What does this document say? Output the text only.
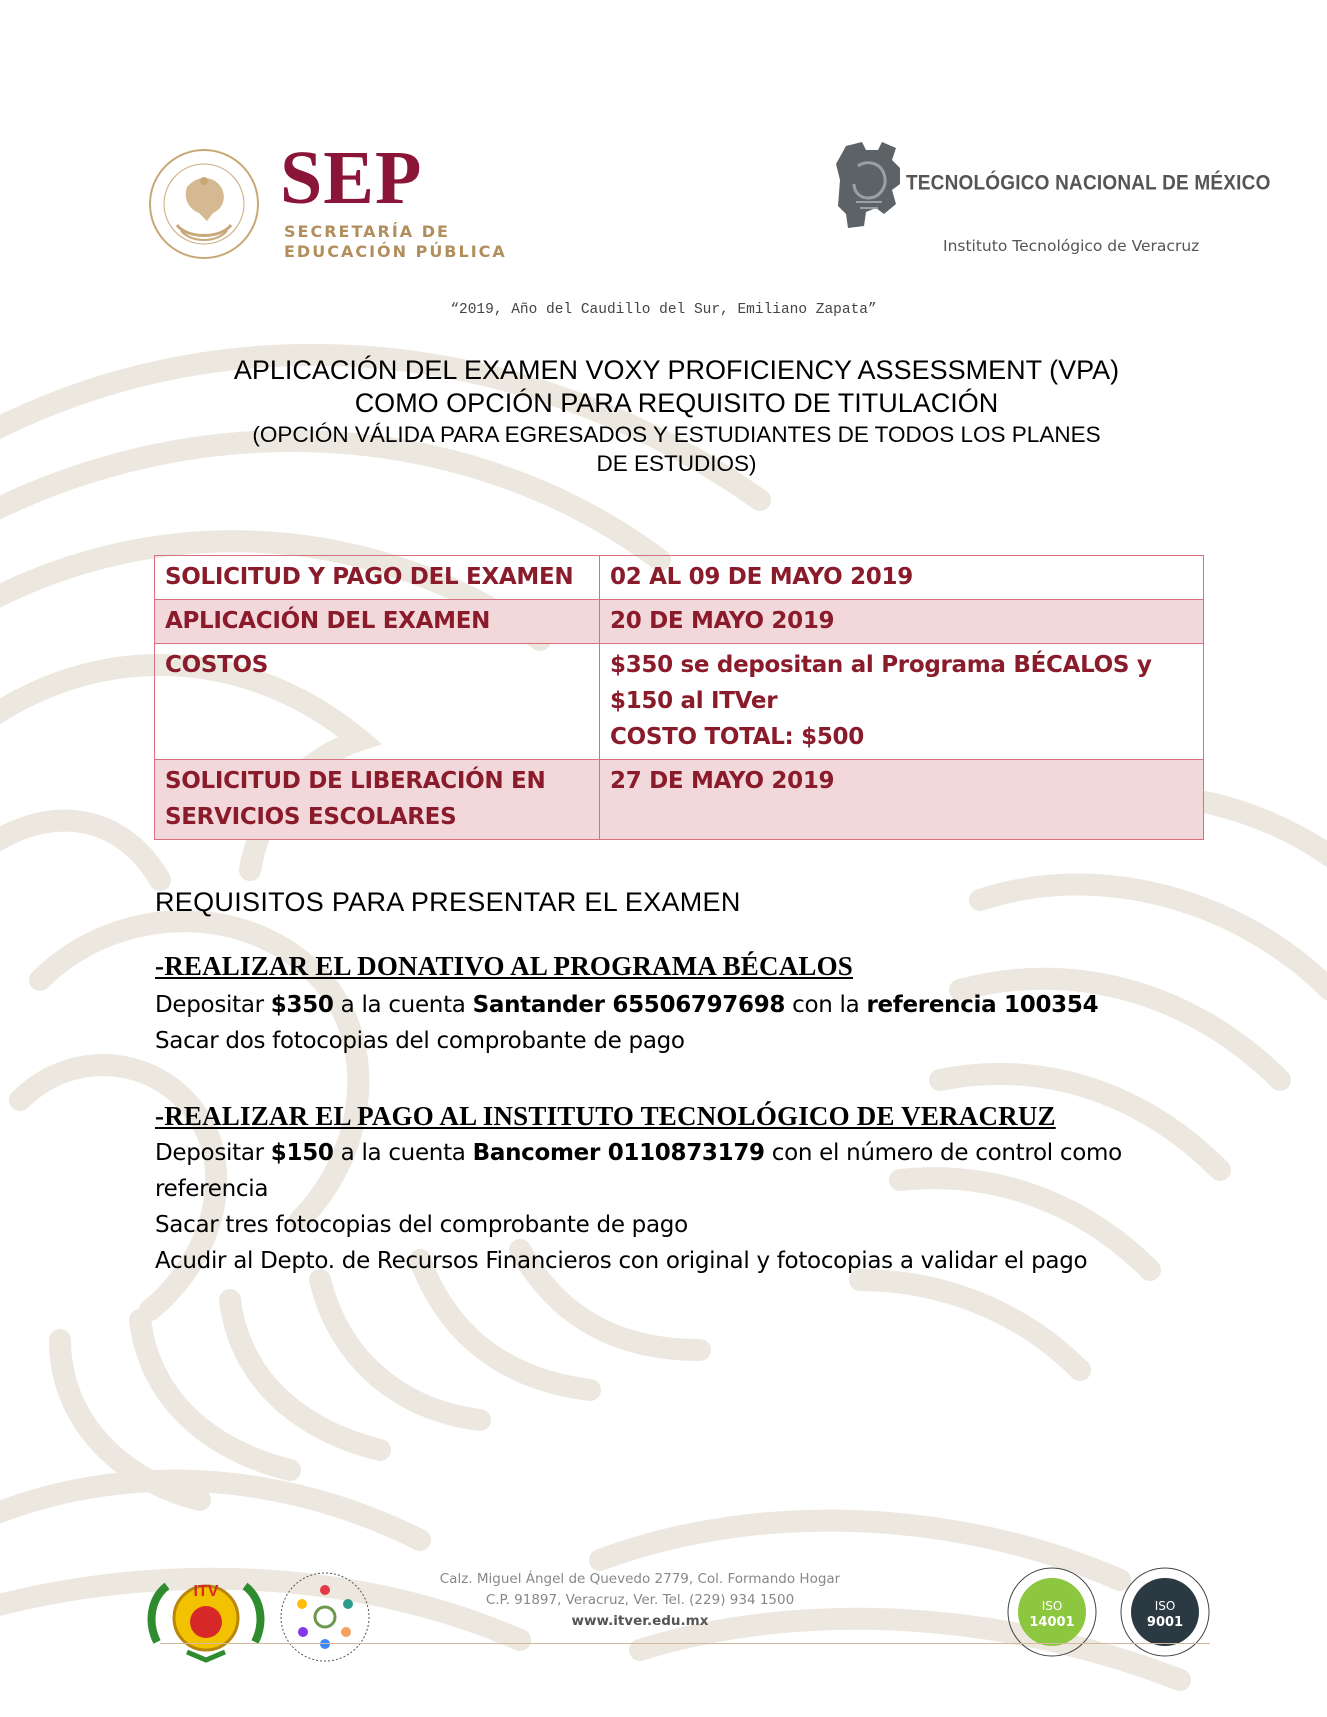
SEP
SECRETARÍA DE
EDUCACIÓN PÚBLICA
TECNOLÓGICO NACIONAL DE MÉXICO
Instituto Tecnológico de Veracruz
“2019, Año del Caudillo del Sur, Emiliano Zapata”
APLICACIÓN DEL EXAMEN VOXY PROFICIENCY ASSESSMENT (VPA)
COMO OPCIÓN PARA REQUISITO DE TITULACIÓN
(OPCIÓN VÁLIDA PARA EGRESADOS Y ESTUDIANTES DE TODOS LOS PLANES
DE ESTUDIOS)
SOLICITUD Y PAGO DEL EXAMEN	02 AL 09 DE MAYO 2019
APLICACIÓN DEL EXAMEN	20 DE MAYO 2019
COSTOS	$350 se depositan al Programa BÉCALOS y
$150 al ITVer
COSTO TOTAL: $500

SOLICITUD DE LIBERACIÓN EN
SERVICIOS ESCOLARES	27 DE MAYO 2019
REQUISITOS PARA PRESENTAR EL EXAMEN
-REALIZAR EL DONATIVO AL PROGRAMA BÉCALOS

Depositar $350 a la cuenta Santander 65506797698 con la referencia 100354

Sacar dos fotocopias del comprobante de pago

-REALIZAR EL PAGO AL INSTITUTO TECNOLÓGICO DE VERACRUZ

Depositar $150 a la cuenta Bancomer 0110873179 con el número de control como

referencia

Sacar tres fotocopias del comprobante de pago

Acudir al Depto. de Recursos Financieros con original y fotocopias a validar el pago

ITV
Calz. Miguel Ángel de Quevedo 2779, Col. Formando Hogar
C.P. 91897, Veracruz, Ver. Tel. (229) 934 1500
www.itver.edu.mx
ISO
14001
ISO
9001
